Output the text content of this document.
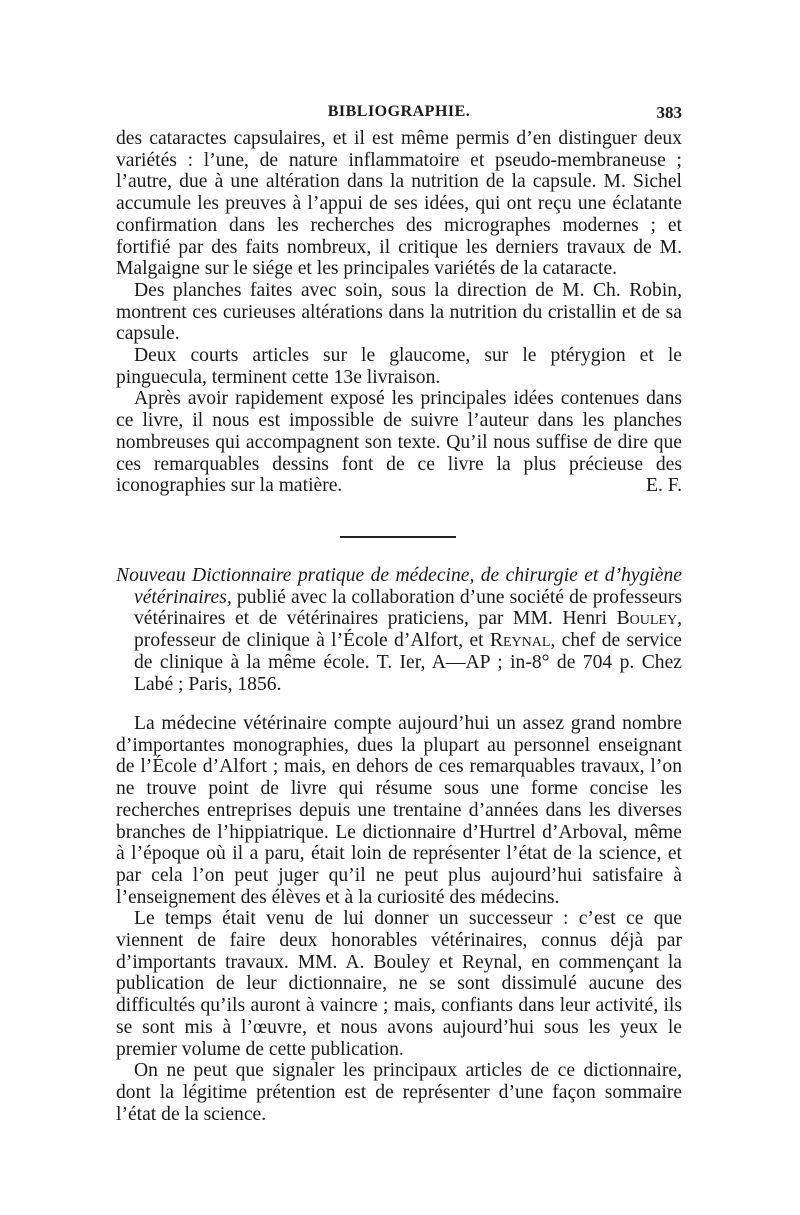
BIBLIOGRAPHIE.	383

des cataractes capsulaires, et il est même permis d’en distinguer deux variétés : l’une, de nature inflammatoire et pseudo-membraneuse ; l’autre, due à une altération dans la nutrition de la capsule. M. Sichel accumule les preuves à l’appui de ses idées, qui ont reçu une éclatante confirmation dans les recherches des micrographes modernes ; et fortifié par des faits nombreux, il critique les derniers travaux de M. Malgaigne sur le siége et les principales variétés de la cataracte.

Des planches faites avec soin, sous la direction de M. Ch. Robin, montrent ces curieuses altérations dans la nutrition du cristallin et de sa capsule.

Deux courts articles sur le glaucome, sur le ptérygion et le pinguecula, terminent cette 13e livraison.

Après avoir rapidement exposé les principales idées contenues dans ce livre, il nous est impossible de suivre l’auteur dans les planches nombreuses qui accompagnent son texte. Qu’il nous suffise de dire que ces remarquables dessins font de ce livre la plus précieuse des iconographies sur la matière.	E. F.

Nouveau Dictionnaire pratique de médecine, de chirurgie et d’hygiène vétérinaires, publié avec la collaboration d’une société de professeurs vétérinaires et de vétérinaires praticiens, par MM. Henri Bouley, professeur de clinique à l’École d’Alfort, et Reynal, chef de service de clinique à la même école. T. Ier, A—AP ; in-8° de 704 p. Chez Labé ; Paris, 1856.

La médecine vétérinaire compte aujourd’hui un assez grand nombre d’importantes monographies, dues la plupart au personnel enseignant de l’École d’Alfort ; mais, en dehors de ces remarquables travaux, l’on ne trouve point de livre qui résume sous une forme concise les recherches entreprises depuis une trentaine d’années dans les diverses branches de l’hippiatrique. Le dictionnaire d’Hurtrel d’Arboval, même à l’époque où il a paru, était loin de représenter l’état de la science, et par cela l’on peut juger qu’il ne peut plus aujourd’hui satisfaire à l’enseignement des élèves et à la curiosité des médecins.

Le temps était venu de lui donner un successeur : c’est ce que viennent de faire deux honorables vétérinaires, connus déjà par d’importants travaux. MM. A. Bouley et Reynal, en commençant la publication de leur dictionnaire, ne se sont dissimulé aucune des difficultés qu’ils auront à vaincre ; mais, confiants dans leur activité, ils se sont mis à l’œuvre, et nous avons aujourd’hui sous les yeux le premier volume de cette publication.

On ne peut que signaler les principaux articles de ce dictionnaire, dont la légitime prétention est de représenter d’une façon sommaire l’état de la science.
